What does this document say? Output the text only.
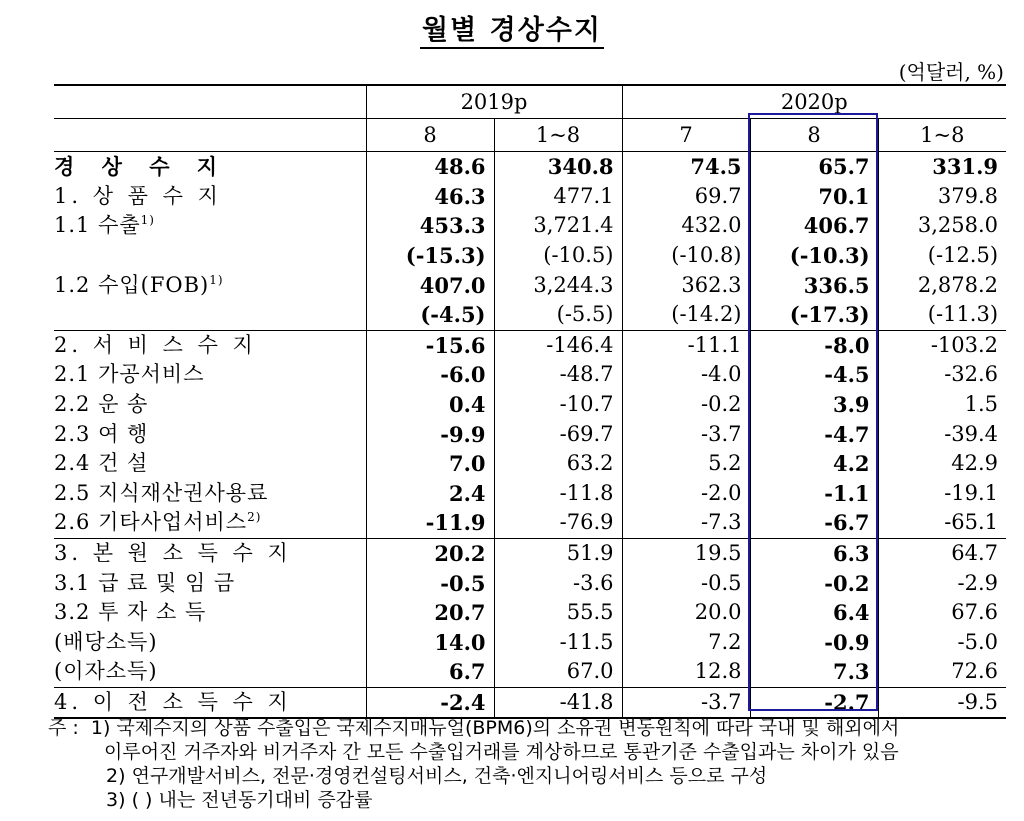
월별 경상수지
(억달러, %)
	2019p		2020p		
	8	1~8	7	8	1~8
경 상 수 지	48.6	340.8	74.5	65.7	331.9
1. 상 품 수 지	46.3	477.1	69.7	70.1	379.8
1.1 수출$^{1)}$	453.3	3,721.4	432.0	406.7	3,258.0
	(-15.3)	(-10.5)	(-10.8)	(-10.3)	(-12.5)
1.2 수입(FOB)$^{1)}$	407.0	3,244.3	362.3	336.5	2,878.2
	(-4.5)	(-5.5)	(-14.2)	(-17.3)	(-11.3)
2. 서 비 스 수 지	-15.6	-146.4	-11.1	-8.0	-103.2
2.1 가공서비스	-6.0	-48.7	-4.0	-4.5	-32.6
2.2 운 송	0.4	-10.7	-0.2	3.9	1.5
2.3 여 행	-9.9	-69.7	-3.7	-4.7	-39.4
2.4 건 설	7.0	63.2	5.2	4.2	42.9
2.5 지식재산권사용료	2.4	-11.8	-2.0	-1.1	-19.1
2.6 기타사업서비스$^{2)}$	-11.9	-76.9	-7.3	-6.7	-65.1
3. 본 원 소 득 수 지	20.2	51.9	19.5	6.3	64.7
3.1 급 료 및 임 금	-0.5	-3.6	-0.5	-0.2	-2.9
3.2 투 자 소 득	20.7	55.5	20.0	6.4	67.6
(배당소득)	14.0	-11.5	7.2	-0.9	-5.0
(이자소득)	6.7	67.0	12.8	7.3	72.6
4. 이 전 소 득 수 지	-2.4	-41.8	-3.7	-2.7	-9.5
주 : 1) 국제수지의 상품 수출입은 국제수지매뉴얼(BPM6)의 소유권 변동원칙에 따라 국내 및 해외에서
이루어진 거주자와 비거주자 간 모든 수출입거래를 계상하므로 통관기준 수출입과는 차이가 있음
2) 연구개발서비스, 전문·경영컨설팅서비스, 건축·엔지니어링서비스 등으로 구성
3) ( ) 내는 전년동기대비 증감률
